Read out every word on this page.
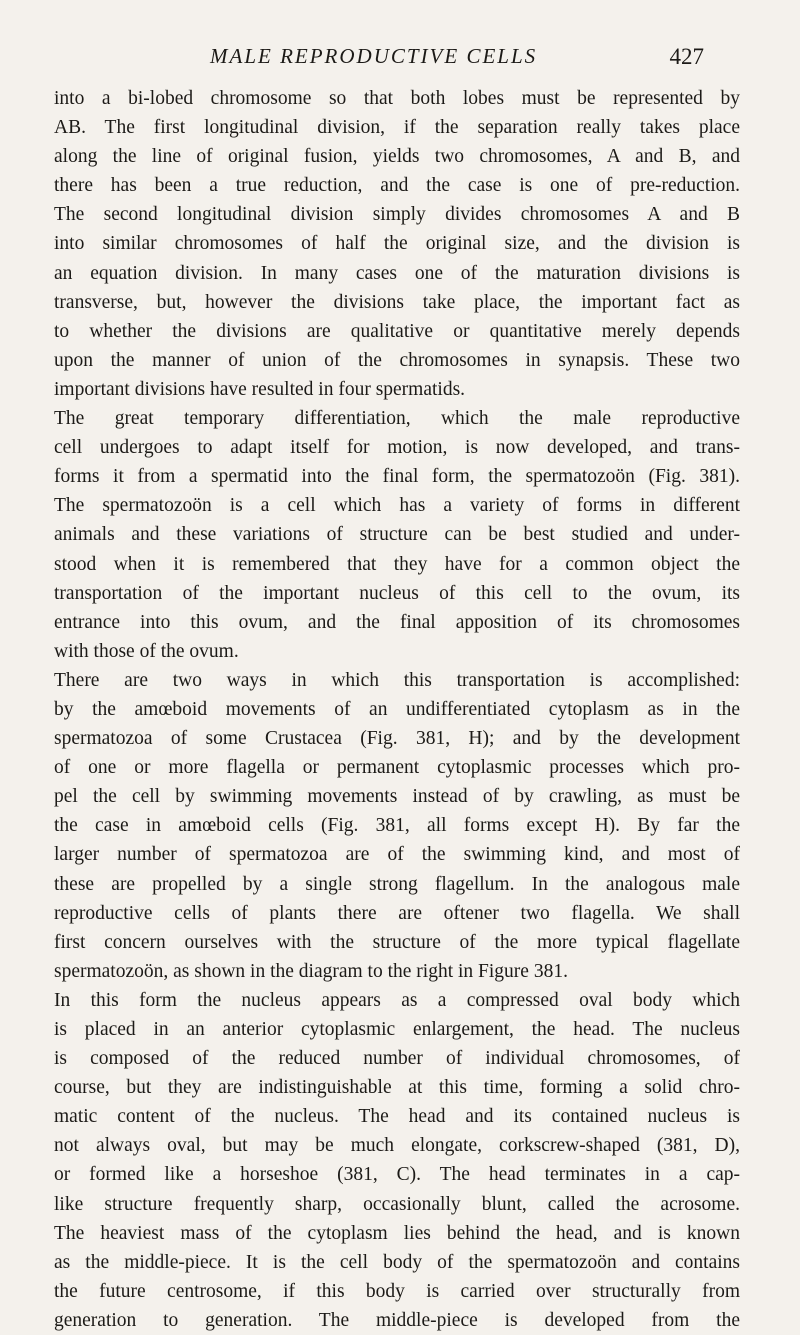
MALE REPRODUCTIVE CELLS	427
into a bi-lobed chromosome so that both lobes must be represented by
AB. The first longitudinal division, if the separation really takes place
along the line of original fusion, yields two chromosomes, A and B, and
there has been a true reduction, and the case is one of pre-reduction.
The second longitudinal division simply divides chromosomes A and B
into similar chromosomes of half the original size, and the division is
an equation division. In many cases one of the maturation divisions is
transverse, but, however the divisions take place, the important fact as
to whether the divisions are qualitative or quantitative merely depends
upon the manner of union of the chromosomes in synapsis. These two
important divisions have resulted in four spermatids.
The great temporary differentiation, which the male reproductive
cell undergoes to adapt itself for motion, is now developed, and trans-
forms it from a spermatid into the final form, the spermatozoön (Fig. 381).
The spermatozoön is a cell which has a variety of forms in different
animals and these variations of structure can be best studied and under-
stood when it is remembered that they have for a common object the
transportation of the important nucleus of this cell to the ovum, its
entrance into this ovum, and the final apposition of its chromosomes
with those of the ovum.
There are two ways in which this transportation is accomplished:
by the amœboid movements of an undifferentiated cytoplasm as in the
spermatozoa of some Crustacea (Fig. 381, H); and by the development
of one or more flagella or permanent cytoplasmic processes which pro-
pel the cell by swimming movements instead of by crawling, as must be
the case in amœboid cells (Fig. 381, all forms except H). By far the
larger number of spermatozoa are of the swimming kind, and most of
these are propelled by a single strong flagellum. In the analogous male
reproductive cells of plants there are oftener two flagella. We shall
first concern ourselves with the structure of the more typical flagellate
spermatozoön, as shown in the diagram to the right in Figure 381.
In this form the nucleus appears as a compressed oval body which
is placed in an anterior cytoplasmic enlargement, the head. The nucleus
is composed of the reduced number of individual chromosomes, of
course, but they are indistinguishable at this time, forming a solid chro-
matic content of the nucleus. The head and its contained nucleus is
not always oval, but may be much elongate, corkscrew-shaped (381, D),
or formed like a horseshoe (381, C). The head terminates in a cap-
like structure frequently sharp, occasionally blunt, called the acrosome.
The heaviest mass of the cytoplasm lies behind the head, and is known
as the middle-piece. It is the cell body of the spermatozoön and contains
the future centrosome, if this body is carried over structurally from
generation to generation. The middle-piece is developed from the
